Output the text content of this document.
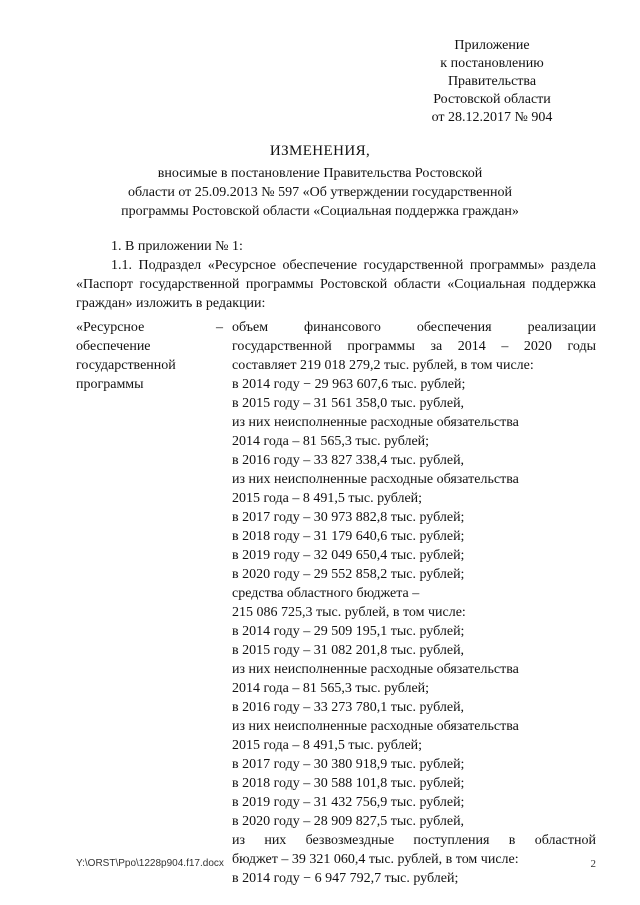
Приложение
к постановлению
Правительства
Ростовской области
от 28.12.2017 № 904
ИЗМЕНЕНИЯ,
вносимые в постановление Правительства Ростовской
области от 25.09.2013 № 597 «Об утверждении государственной
программы Ростовской области «Социальная поддержка граждан»
1. В приложении № 1:
1.1. Подраздел «Ресурсное обеспечение государственной программы» раздела «Паспорт государственной программы Ростовской области «Социальная поддержка граждан» изложить в редакции:
«Ресурсное
обеспечение
государственной
программы
– объем финансового обеспечения реализации
государственной программы за 2014 – 2020 годы
составляет 219 018 279,2 тыс. рублей, в том числе:
в 2014 году − 29 963 607,6 тыс. рублей;
в 2015 году – 31 561 358,0 тыс. рублей,
из них неисполненные расходные обязательства
2014 года – 81 565,3 тыс. рублей;
в 2016 году – 33 827 338,4 тыс. рублей,
из них неисполненные расходные обязательства
2015 года – 8 491,5 тыс. рублей;
в 2017 году – 30 973 882,8 тыс. рублей;
в 2018 году – 31 179 640,6 тыс. рублей;
в 2019 году – 32 049 650,4 тыс. рублей;
в 2020 году – 29 552 858,2 тыс. рублей;
средства областного бюджета –
215 086 725,3 тыс. рублей, в том числе:
в 2014 году – 29 509 195,1 тыс. рублей;
в 2015 году – 31 082 201,8 тыс. рублей,
из них неисполненные расходные обязательства
2014 года – 81 565,3 тыс. рублей;
в 2016 году – 33 273 780,1 тыс. рублей,
из них неисполненные расходные обязательства
2015 года – 8 491,5 тыс. рублей;
в 2017 году – 30 380 918,9 тыс. рублей;
в 2018 году – 30 588 101,8 тыс. рублей;
в 2019 году – 31 432 756,9 тыс. рублей;
в 2020 году – 28 909 827,5 тыс. рублей,
из них безвозмездные поступления в областной
бюджет – 39 321 060,4 тыс. рублей, в том числе:
в 2014 году − 6 947 792,7 тыс. рублей;
Y:\ORST\Ppo\1228p904.f17.docx	2
